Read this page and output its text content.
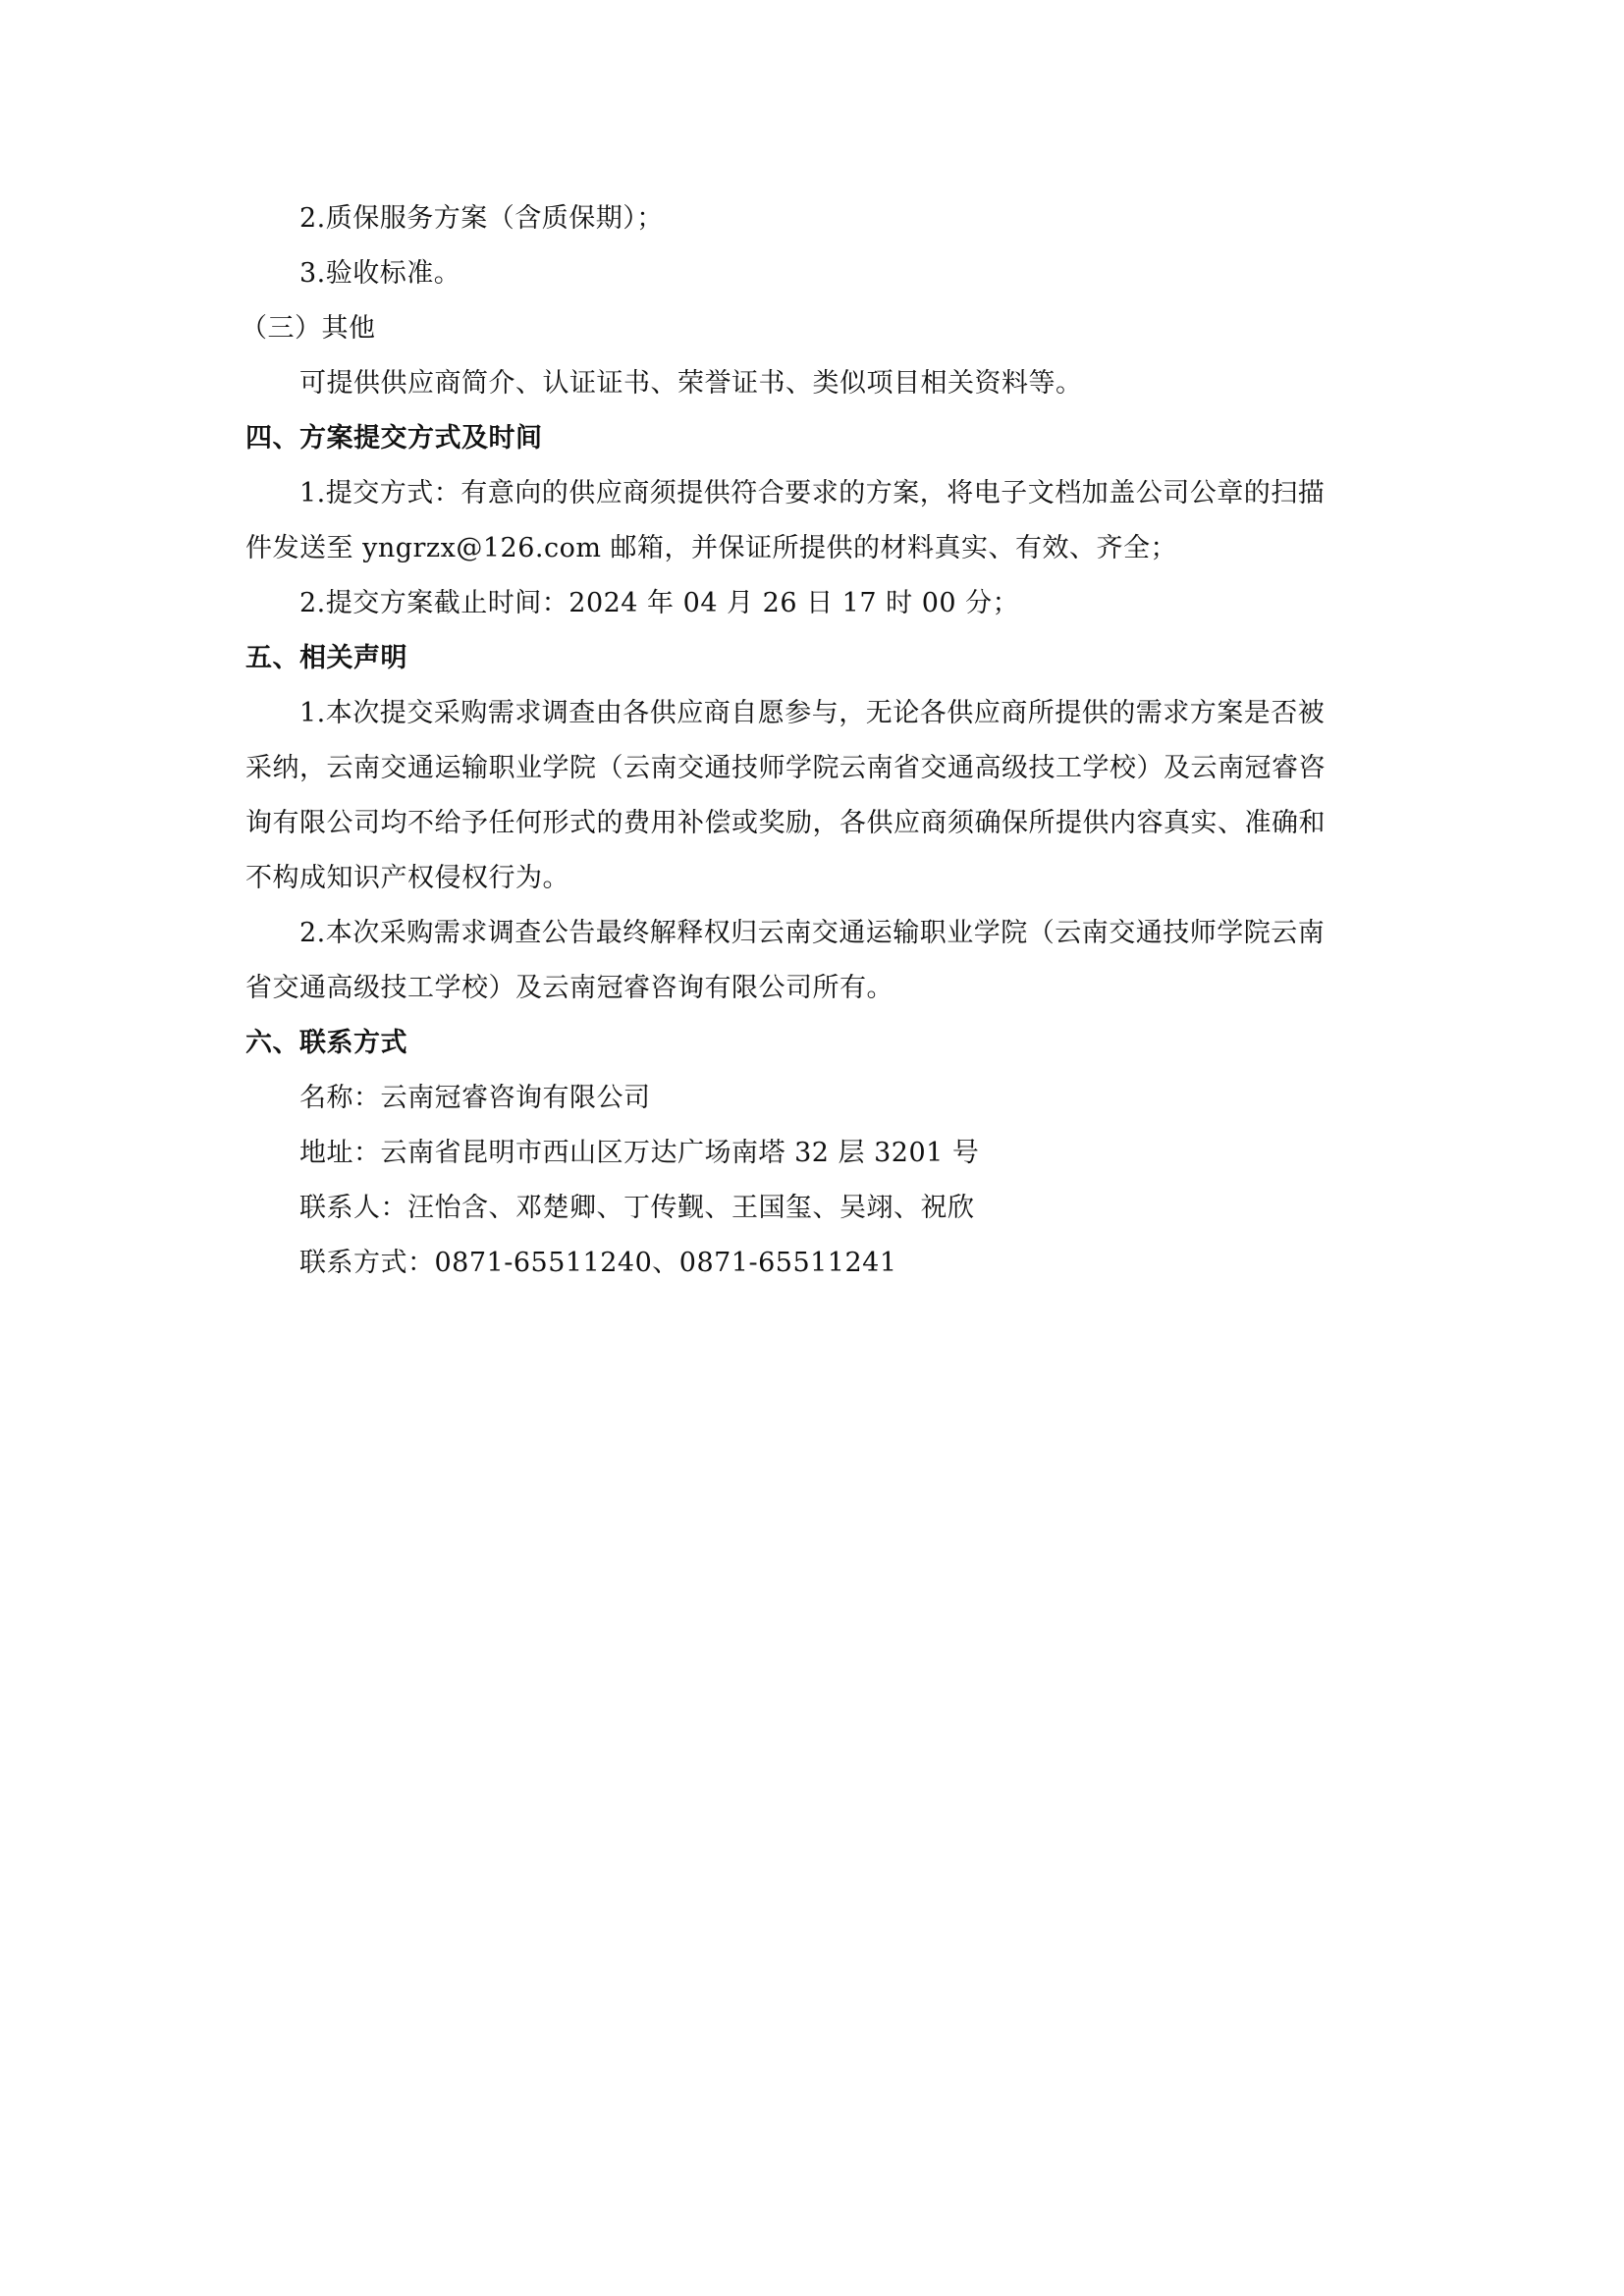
2.质保服务方案（含质保期）；
3.验收标准。
（三）其他
可提供供应商简介、认证证书、荣誉证书、类似项目相关资料等。
四、方案提交方式及时间
1.提交方式：有意向的供应商须提供符合要求的方案，将电子文档加盖公司公章的扫描
件发送至 yngrzx@126.com 邮箱，并保证所提供的材料真实、有效、齐全；
2.提交方案截止时间：2024 年 04 月 26 日 17 时 00 分；
五、相关声明
1.本次提交采购需求调查由各供应商自愿参与，无论各供应商所提供的需求方案是否被
采纳，云南交通运输职业学院（云南交通技师学院云南省交通高级技工学校）及云南冠睿咨
询有限公司均不给予任何形式的费用补偿或奖励，各供应商须确保所提供内容真实、准确和
不构成知识产权侵权行为。
2.本次采购需求调查公告最终解释权归云南交通运输职业学院（云南交通技师学院云南
省交通高级技工学校）及云南冠睿咨询有限公司所有。
六、联系方式
名称：云南冠睿咨询有限公司
地址：云南省昆明市西山区万达广场南塔 32 层 3201 号
联系人：汪怡含、邓楚卿、丁传觐、王国玺、吴翊、祝欣
联系方式：0871-65511240、0871-65511241
